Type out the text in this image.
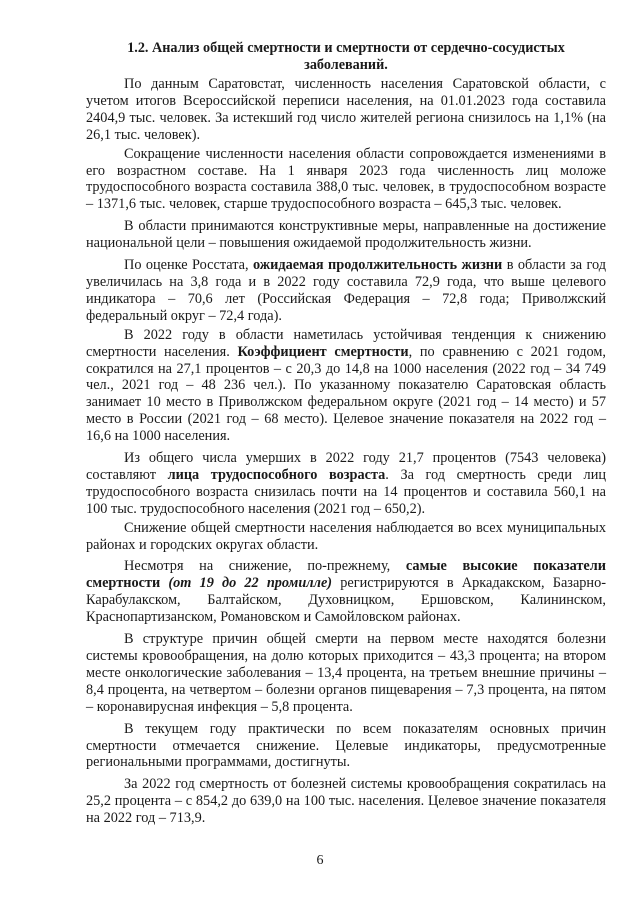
1.2. Анализ общей смертности и смертности от сердечно-сосудистых
заболеваний.

По данным Саратовстат, численность населения Саратовской области, с учетом итогов Всероссийской переписи населения, на 01.01.2023 года составила 2404,9 тыс. человек. За истекший год число жителей региона снизилось на 1,1% (на 26,1 тыс. человек).

Сокращение численности населения области сопровождается изменениями в его возрастном составе. На 1 января 2023 года численность лиц моложе трудоспособного возраста составила 388,0 тыс. человек, в трудоспособном возрасте – 1371,6 тыс. человек, старше трудоспособного возраста – 645,3 тыс. человек.

В области принимаются конструктивные меры, направленные на достижение национальной цели – повышения ожидаемой продолжительность жизни.

По оценке Росстата, ожидаемая продолжительность жизни в области за год увеличилась на 3,8 года и в 2022 году составила 72,9 года, что выше целевого индикатора – 70,6 лет (Российская Федерация – 72,8 года; Приволжский федеральный округ – 72,4 года).

В 2022 году в области наметилась устойчивая тенденция к снижению смертности населения. Коэффициент смертности, по сравнению с 2021 годом, сократился на 27,1 процентов – с 20,3 до 14,8 на 1000 населения (2022 год – 34 749 чел., 2021 год – 48 236 чел.). По указанному показателю Саратовская область занимает 10 место в Приволжском федеральном округе (2021 год – 14 место) и 57 место в России (2021 год – 68 место). Целевое значение показателя на 2022 год – 16,6 на 1000 населения.

Из общего числа умерших в 2022 году 21,7 процентов (7543 человека) составляют лица трудоспособного возраста. За год смертность среди лиц трудоспособного возраста снизилась почти на 14 процентов и составила 560,1 на 100 тыс. трудоспособного населения (2021 год – 650,2).

Снижение общей смертности населения наблюдается во всех муниципальных районах и городских округах области.

Несмотря на снижение, по-прежнему, самые высокие показатели смертности (от 19 до 22 промилле) регистрируются в Аркадакском, Базарно-Карабулакском, Балтайском, Духовницком, Ершовском, Калининском, Краснопартизанском, Романовском и Самойловском районах.

В структуре причин общей смерти на первом месте находятся болезни системы кровообращения, на долю которых приходится – 43,3 процента; на втором месте онкологические заболевания – 13,4 процента, на третьем внешние причины – 8,4 процента, на четвертом – болезни органов пищеварения – 7,3 процента, на пятом – коронавирусная инфекция – 5,8 процента.

В текущем году практически по всем показателям основных причин смертности отмечается снижение. Целевые индикаторы, предусмотренные региональными программами, достигнуты.

За 2022 год смертность от болезней системы кровообращения сократилась на 25,2 процента – с 854,2 до 639,0 на 100 тыс. населения. Целевое значение показателя на 2022 год – 713,9.

6
